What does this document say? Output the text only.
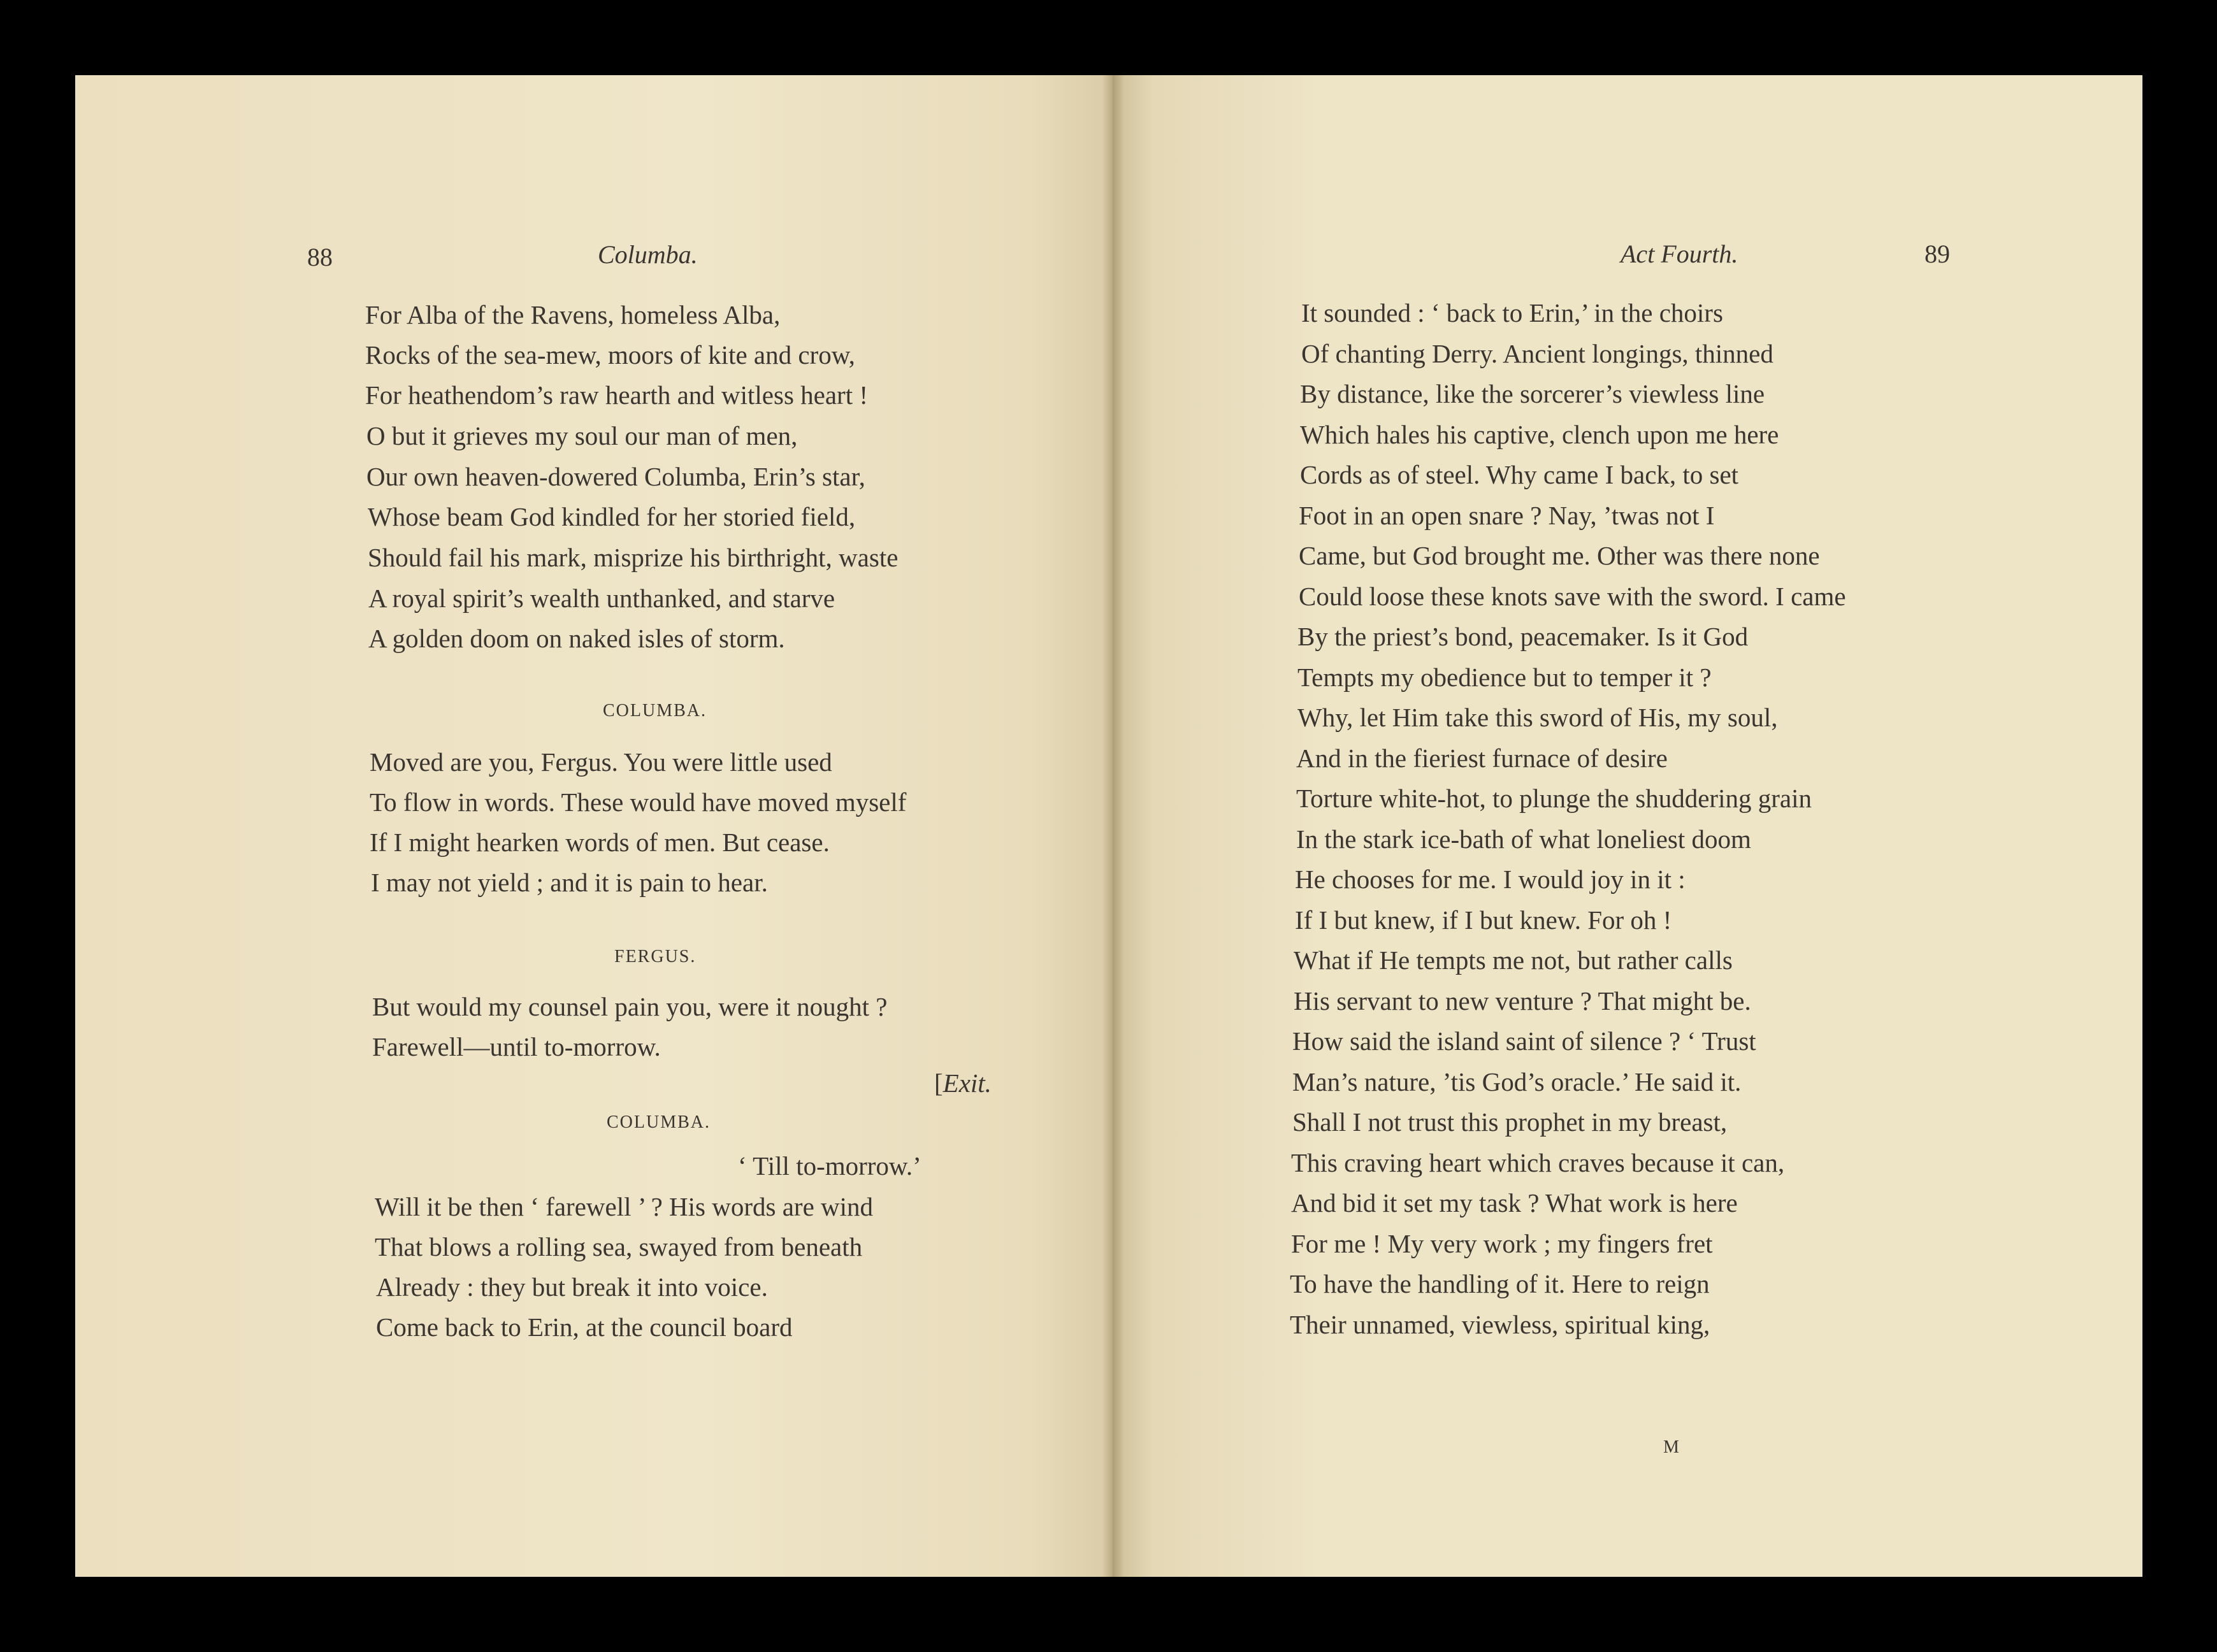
88	Columba.
For Alba of the Ravens, homeless Alba,
Rocks of the sea-mew, moors of kite and crow,
For heathendom’s raw hearth and witless heart !
O but it grieves my soul our man of men,
Our own heaven-dowered Columba, Erin’s star,
Whose beam God kindled for her storied field,
Should fail his mark, misprize his birthright, waste
A royal spirit’s wealth unthanked, and starve
A golden doom on naked isles of storm.
COLUMBA.
Moved are you, Fergus. You were little used
To flow in words. These would have moved myself
If I might hearken words of men. But cease.
I may not yield ; and it is pain to hear.
FERGUS.
But would my counsel pain you, were it nought ?
Farewell—until to-morrow.
[Exit.
COLUMBA.
‘ Till to-morrow.’
Will it be then ‘ farewell ’ ? His words are wind
That blows a rolling sea, swayed from beneath
Already : they but break it into voice.
Come back to Erin, at the council board
Act Fourth.	89
It sounded : ‘ back to Erin,’ in the choirs
Of chanting Derry. Ancient longings, thinned
By distance, like the sorcerer’s viewless line
Which hales his captive, clench upon me here
Cords as of steel. Why came I back, to set
Foot in an open snare ? Nay, ’twas not I
Came, but God brought me. Other was there none
Could loose these knots save with the sword. I came
By the priest’s bond, peacemaker. Is it God
Tempts my obedience but to temper it ?
Why, let Him take this sword of His, my soul,
And in the fieriest furnace of desire
Torture white-hot, to plunge the shuddering grain
In the stark ice-bath of what loneliest doom
He chooses for me. I would joy in it :
If I but knew, if I but knew. For oh !
What if He tempts me not, but rather calls
His servant to new venture ? That might be.
How said the island saint of silence ? ‘ Trust
Man’s nature, ’tis God’s oracle.’ He said it.
Shall I not trust this prophet in my breast,
This craving heart which craves because it can,
And bid it set my task ? What work is here
For me ! My very work ; my fingers fret
To have the handling of it. Here to reign
Their unnamed, viewless, spiritual king,
M
